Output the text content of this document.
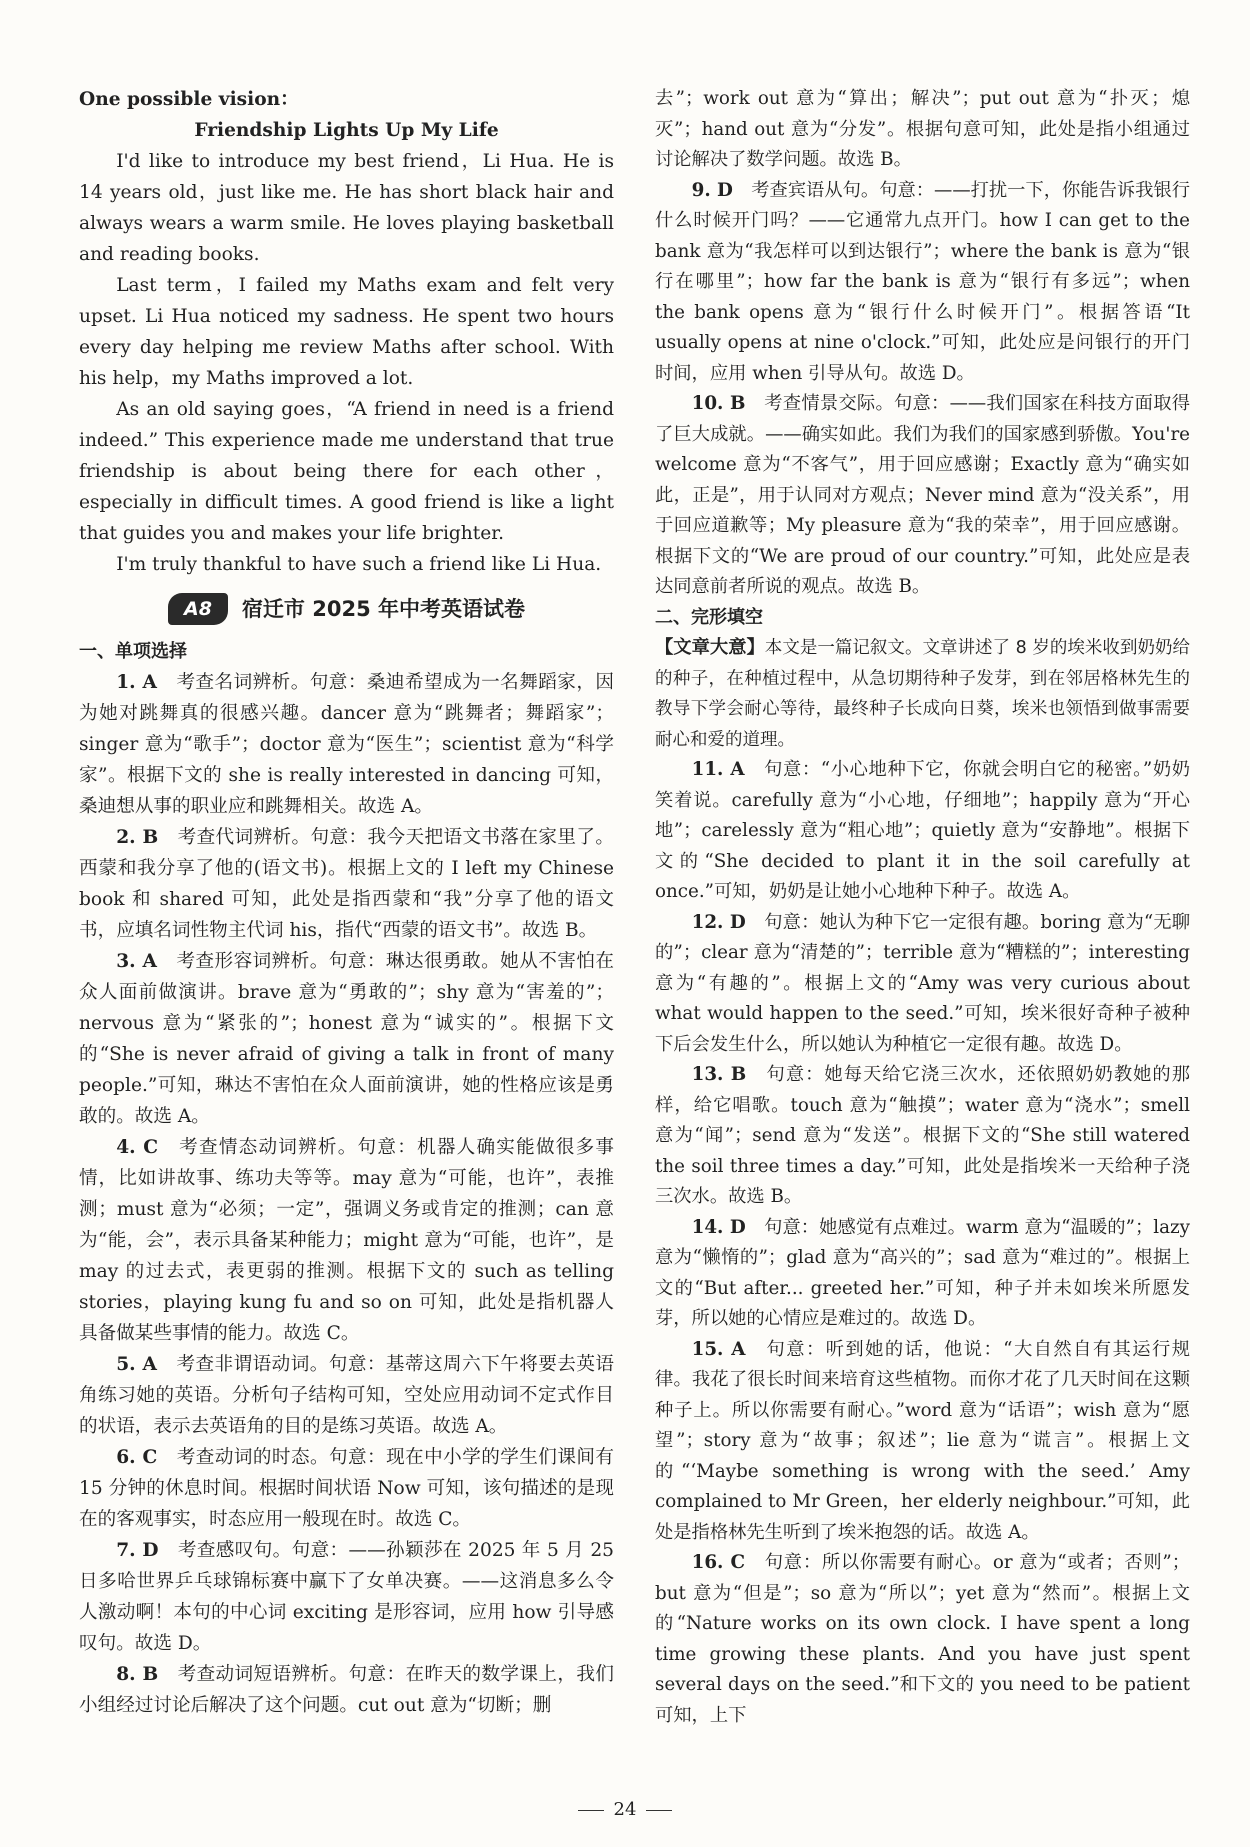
One possible vision：

Friendship Lights Up My Life

I'd like to introduce my best friend，Li Hua. He is 14 years old，just like me. He has short black hair and always wears a warm smile. He loves playing basketball and reading books.

Last term，I failed my Maths exam and felt very upset. Li Hua noticed my sadness. He spent two hours every day helping me review Maths after school. With his help，my Maths improved a lot.

As an old saying goes，“A friend in need is a friend indeed.” This experience made me understand that true friendship is about being there for each other，especially in difficult times. A good friend is like a light that guides you and makes your life brighter.

I'm truly thankful to have such a friend like Li Hua.

A8	宿迁市 2025 年中考英语试卷

一、单项选择

1. A　 考查名词辨析。句意：桑迪希望成为一名舞蹈家，因为她对跳舞真的很感兴趣。dancer 意为“跳舞者；舞蹈家”；singer 意为“歌手”；doctor 意为“医生”；scientist 意为“科学家”。根据下文的 she is really interested in dancing 可知，桑迪想从事的职业应和跳舞相关。故选 A。

2. B　 考查代词辨析。句意：我今天把语文书落在家里了。西蒙和我分享了他的(语文书)。根据上文的 I left my Chinese book 和 shared 可知，此处是指西蒙和“我”分享了他的语文书，应填名词性物主代词 his，指代“西蒙的语文书”。故选 B。

3. A　 考查形容词辨析。句意：琳达很勇敢。她从不害怕在众人面前做演讲。brave 意为“勇敢的”；shy 意为“害羞的”；nervous 意为“紧张的”；honest 意为“诚实的”。根据下文的“She is never afraid of giving a talk in front of many people.”可知，琳达不害怕在众人面前演讲，她的性格应该是勇敢的。故选 A。

4. C　 考查情态动词辨析。句意：机器人确实能做很多事情，比如讲故事、练功夫等等。may 意为“可能，也许”，表推测；must 意为“必须；一定”，强调义务或肯定的推测；can 意为“能，会”，表示具备某种能力；might 意为“可能，也许”，是 may 的过去式，表更弱的推测。根据下文的 such as telling stories，playing kung fu and so on 可知，此处是指机器人具备做某些事情的能力。故选 C。

5. A　 考查非谓语动词。句意：基蒂这周六下午将要去英语角练习她的英语。分析句子结构可知，空处应用动词不定式作目的状语，表示去英语角的目的是练习英语。故选 A。

6. C　 考查动词的时态。句意：现在中小学的学生们课间有 15 分钟的休息时间。根据时间状语 Now 可知，该句描述的是现在的客观事实，时态应用一般现在时。故选 C。

7. D　 考查感叹句。句意：——孙颖莎在 2025 年 5 月 25 日多哈世界乒乓球锦标赛中赢下了女单决赛。——这消息多么令人激动啊！本句的中心词 exciting 是形容词，应用 how 引导感叹句。故选 D。

8. B　 考查动词短语辨析。句意：在昨天的数学课上，我们小组经过讨论后解决了这个问题。cut out 意为“切断；删

去”；work out 意为“算出；解决”；put out 意为“扑灭；熄灭”；hand out 意为“分发”。根据句意可知，此处是指小组通过讨论解决了数学问题。故选 B。

9. D　 考查宾语从句。句意：——打扰一下，你能告诉我银行什么时候开门吗？——它通常九点开门。how I can get to the bank 意为“我怎样可以到达银行”；where the bank is 意为“银行在哪里”；how far the bank is 意为“银行有多远”；when the bank opens 意为“银行什么时候开门”。根据答语“It usually opens at nine o'clock.”可知，此处应是问银行的开门时间，应用 when 引导从句。故选 D。

10. B　 考查情景交际。句意：——我们国家在科技方面取得了巨大成就。——确实如此。我们为我们的国家感到骄傲。You're welcome 意为“不客气”，用于回应感谢；Exactly 意为“确实如此，正是”，用于认同对方观点；Never mind 意为“没关系”，用于回应道歉等；My pleasure 意为“我的荣幸”，用于回应感谢。根据下文的“We are proud of our country.”可知，此处应是表达同意前者所说的观点。故选 B。

二、完形填空

【文章大意】本文是一篇记叙文。文章讲述了 8 岁的埃米收到奶奶给的种子，在种植过程中，从急切期待种子发芽，到在邻居格林先生的教导下学会耐心等待，最终种子长成向日葵，埃米也领悟到做事需要耐心和爱的道理。

11. A　 句意：“小心地种下它，你就会明白它的秘密。”奶奶笑着说。carefully 意为“小心地，仔细地”；happily 意为“开心地”；carelessly 意为“粗心地”；quietly 意为“安静地”。根据下文的“She decided to plant it in the soil carefully at once.”可知，奶奶是让她小心地种下种子。故选 A。

12. D　 句意：她认为种下它一定很有趣。boring 意为“无聊的”；clear 意为“清楚的”；terrible 意为“糟糕的”；interesting 意为“有趣的”。根据上文的“Amy was very curious about what would happen to the seed.”可知，埃米很好奇种子被种下后会发生什么，所以她认为种植它一定很有趣。故选 D。

13. B　 句意：她每天给它浇三次水，还依照奶奶教她的那样，给它唱歌。touch 意为“触摸”；water 意为“浇水”；smell 意为“闻”；send 意为“发送”。根据下文的“She still watered the soil three times a day.”可知，此处是指埃米一天给种子浇三次水。故选 B。

14. D　 句意：她感觉有点难过。warm 意为“温暖的”；lazy 意为“懒惰的”；glad 意为“高兴的”；sad 意为“难过的”。根据上文的“But after... greeted her.”可知，种子并未如埃米所愿发芽，所以她的心情应是难过的。故选 D。

15. A　 句意：听到她的话，他说：“大自然自有其运行规律。我花了很长时间来培育这些植物。而你才花了几天时间在这颗种子上。所以你需要有耐心。”word 意为“话语”；wish 意为“愿望”；story 意为“故事；叙述”；lie 意为“谎言”。根据上文的“‘Maybe something is wrong with the seed.’ Amy complained to Mr Green，her elderly neighbour.”可知，此处是指格林先生听到了埃米抱怨的话。故选 A。

16. C　 句意：所以你需要有耐心。or 意为“或者；否则”；but 意为“但是”；so 意为“所以”；yet 意为“然而”。根据上文的“Nature works on its own clock. I have spent a long time growing these plants. And you have just spent several days on the seed.”和下文的 you need to be patient 可知，上下

24
